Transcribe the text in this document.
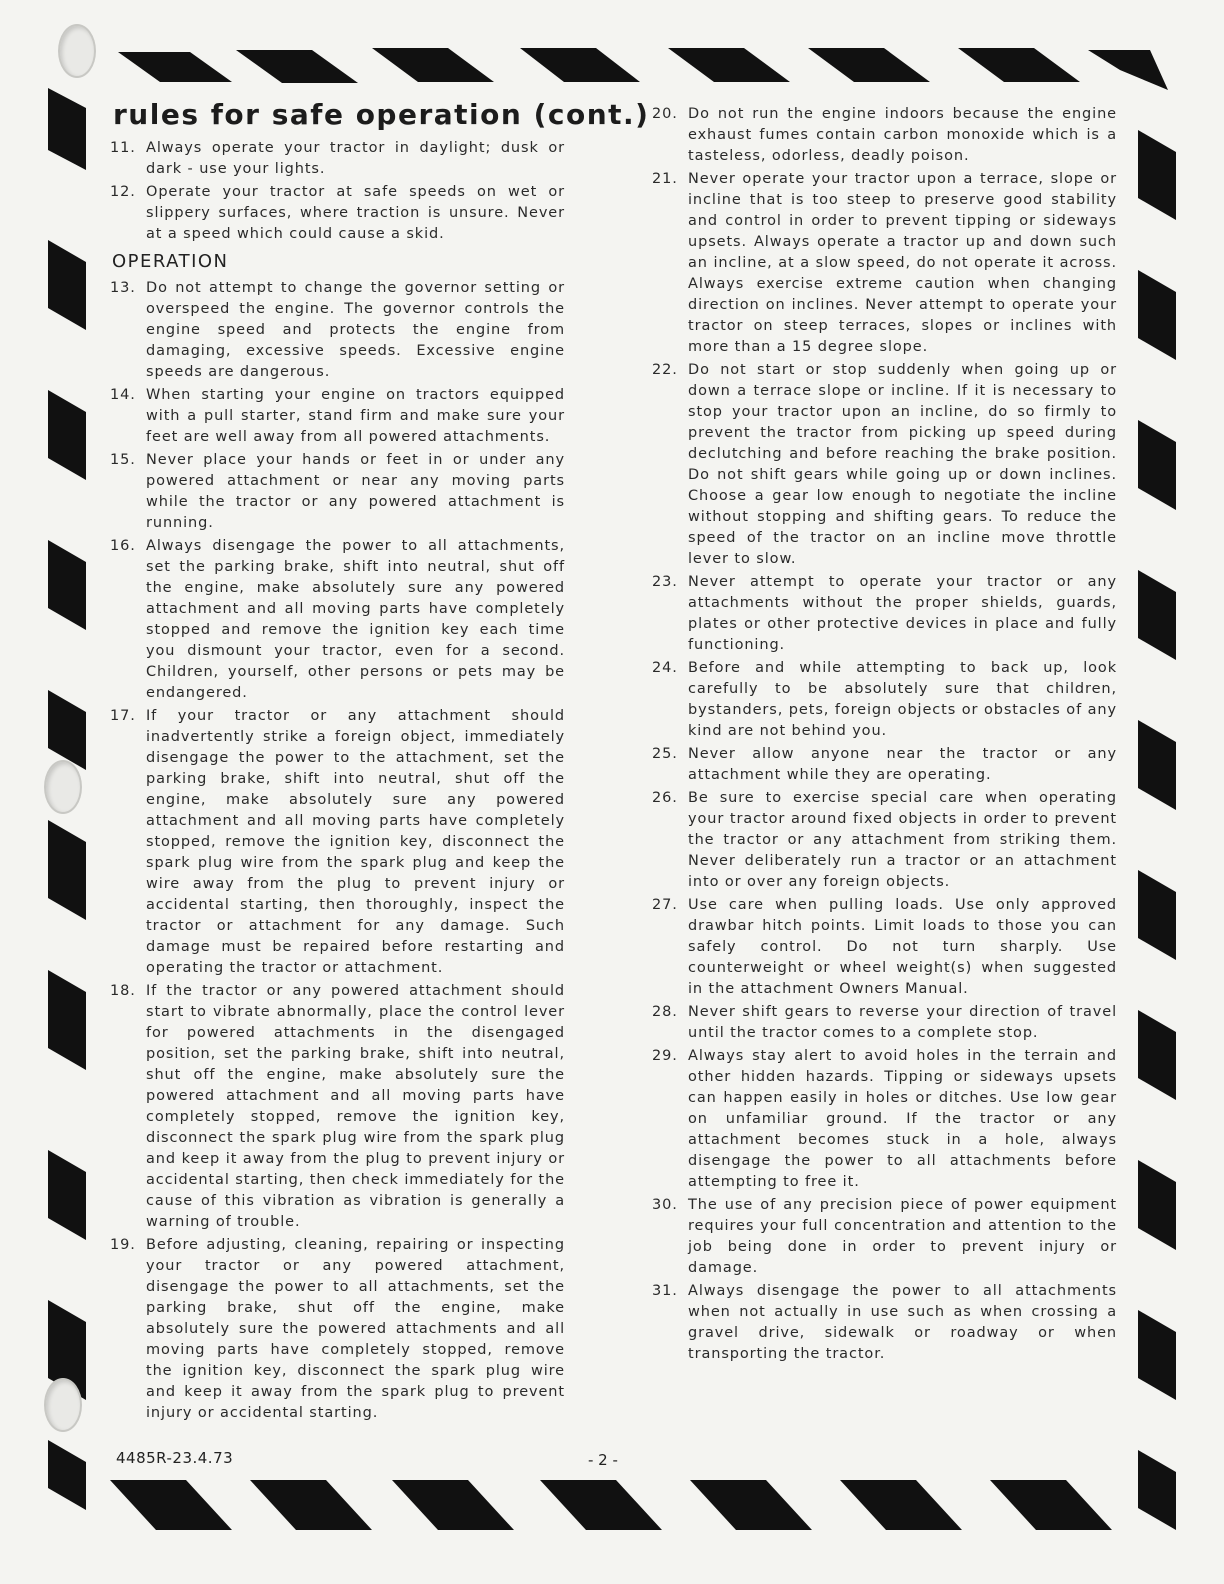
rules for safe operation (cont.)
11. Always operate your tractor in daylight; dusk or dark - use your lights.
12. Operate your tractor at safe speeds on wet or slippery surfaces, where traction is unsure. Never at a speed which could cause a skid.
OPERATION
13. Do not attempt to change the governor setting or overspeed the engine. The governor controls the engine speed and protects the engine from damaging, excessive speeds. Excessive engine speeds are dangerous.
14. When starting your engine on tractors equipped with a pull starter, stand firm and make sure your feet are well away from all powered attachments.
15. Never place your hands or feet in or under any powered attachment or near any moving parts while the tractor or any powered attachment is running.
16. Always disengage the power to all attachments, set the parking brake, shift into neutral, shut off the engine, make absolutely sure any powered attachment and all moving parts have completely stopped and remove the ignition key each time you dismount your tractor, even for a second. Children, yourself, other persons or pets may be endangered.
17. If your tractor or any attachment should inadvertently strike a foreign object, immediately disengage the power to the attachment, set the parking brake, shift into neutral, shut off the engine, make absolutely sure any powered attachment and all moving parts have completely stopped, remove the ignition key, disconnect the spark plug wire from the spark plug and keep the wire away from the plug to prevent injury or accidental starting, then thoroughly, inspect the tractor or attachment for any damage. Such damage must be repaired before restarting and operating the tractor or attachment.
18. If the tractor or any powered attachment should start to vibrate abnormally, place the control lever for powered attachments in the disengaged position, set the parking brake, shift into neutral, shut off the engine, make absolutely sure the powered attachment and all moving parts have completely stopped, remove the ignition key, disconnect the spark plug wire from the spark plug and keep it away from the plug to prevent injury or accidental starting, then check immediately for the cause of this vibration as vibration is generally a warning of trouble.
19. Before adjusting, cleaning, repairing or inspecting your tractor or any powered attachment, disengage the power to all attachments, set the parking brake, shut off the engine, make absolutely sure the powered attachments and all moving parts have completely stopped, remove the ignition key, disconnect the spark plug wire and keep it away from the spark plug to prevent injury or accidental starting.
20. Do not run the engine indoors because the engine exhaust fumes contain carbon monoxide which is a tasteless, odorless, deadly poison.
21. Never operate your tractor upon a terrace, slope or incline that is too steep to preserve good stability and control in order to prevent tipping or sideways upsets. Always operate a tractor up and down such an incline, at a slow speed, do not operate it across. Always exercise extreme caution when changing direction on inclines. Never attempt to operate your tractor on steep terraces, slopes or inclines with more than a 15 degree slope.
22. Do not start or stop suddenly when going up or down a terrace slope or incline. If it is necessary to stop your tractor upon an incline, do so firmly to prevent the tractor from picking up speed during declutching and before reaching the brake position. Do not shift gears while going up or down inclines. Choose a gear low enough to negotiate the incline without stopping and shifting gears. To reduce the speed of the tractor on an incline move throttle lever to slow.
23. Never attempt to operate your tractor or any attachments without the proper shields, guards, plates or other protective devices in place and fully functioning.
24. Before and while attempting to back up, look carefully to be absolutely sure that children, bystanders, pets, foreign objects or obstacles of any kind are not behind you.
25. Never allow anyone near the tractor or any attachment while they are operating.
26. Be sure to exercise special care when operating your tractor around fixed objects in order to prevent the tractor or any attachment from striking them. Never deliberately run a tractor or an attachment into or over any foreign objects.
27. Use care when pulling loads. Use only approved drawbar hitch points. Limit loads to those you can safely control. Do not turn sharply. Use counterweight or wheel weight(s) when suggested in the attachment Owners Manual.
28. Never shift gears to reverse your direction of travel until the tractor comes to a complete stop.
29. Always stay alert to avoid holes in the terrain and other hidden hazards. Tipping or sideways upsets can happen easily in holes or ditches. Use low gear on unfamiliar ground. If the tractor or any attachment becomes stuck in a hole, always disengage the power to all attachments before attempting to free it.
30. The use of any precision piece of power equipment requires your full concentration and attention to the job being done in order to prevent injury or damage.
31. Always disengage the power to all attachments when not actually in use such as when crossing a gravel drive, sidewalk or roadway or when transporting the tractor.
4485R-23.4.73	- 2 -
